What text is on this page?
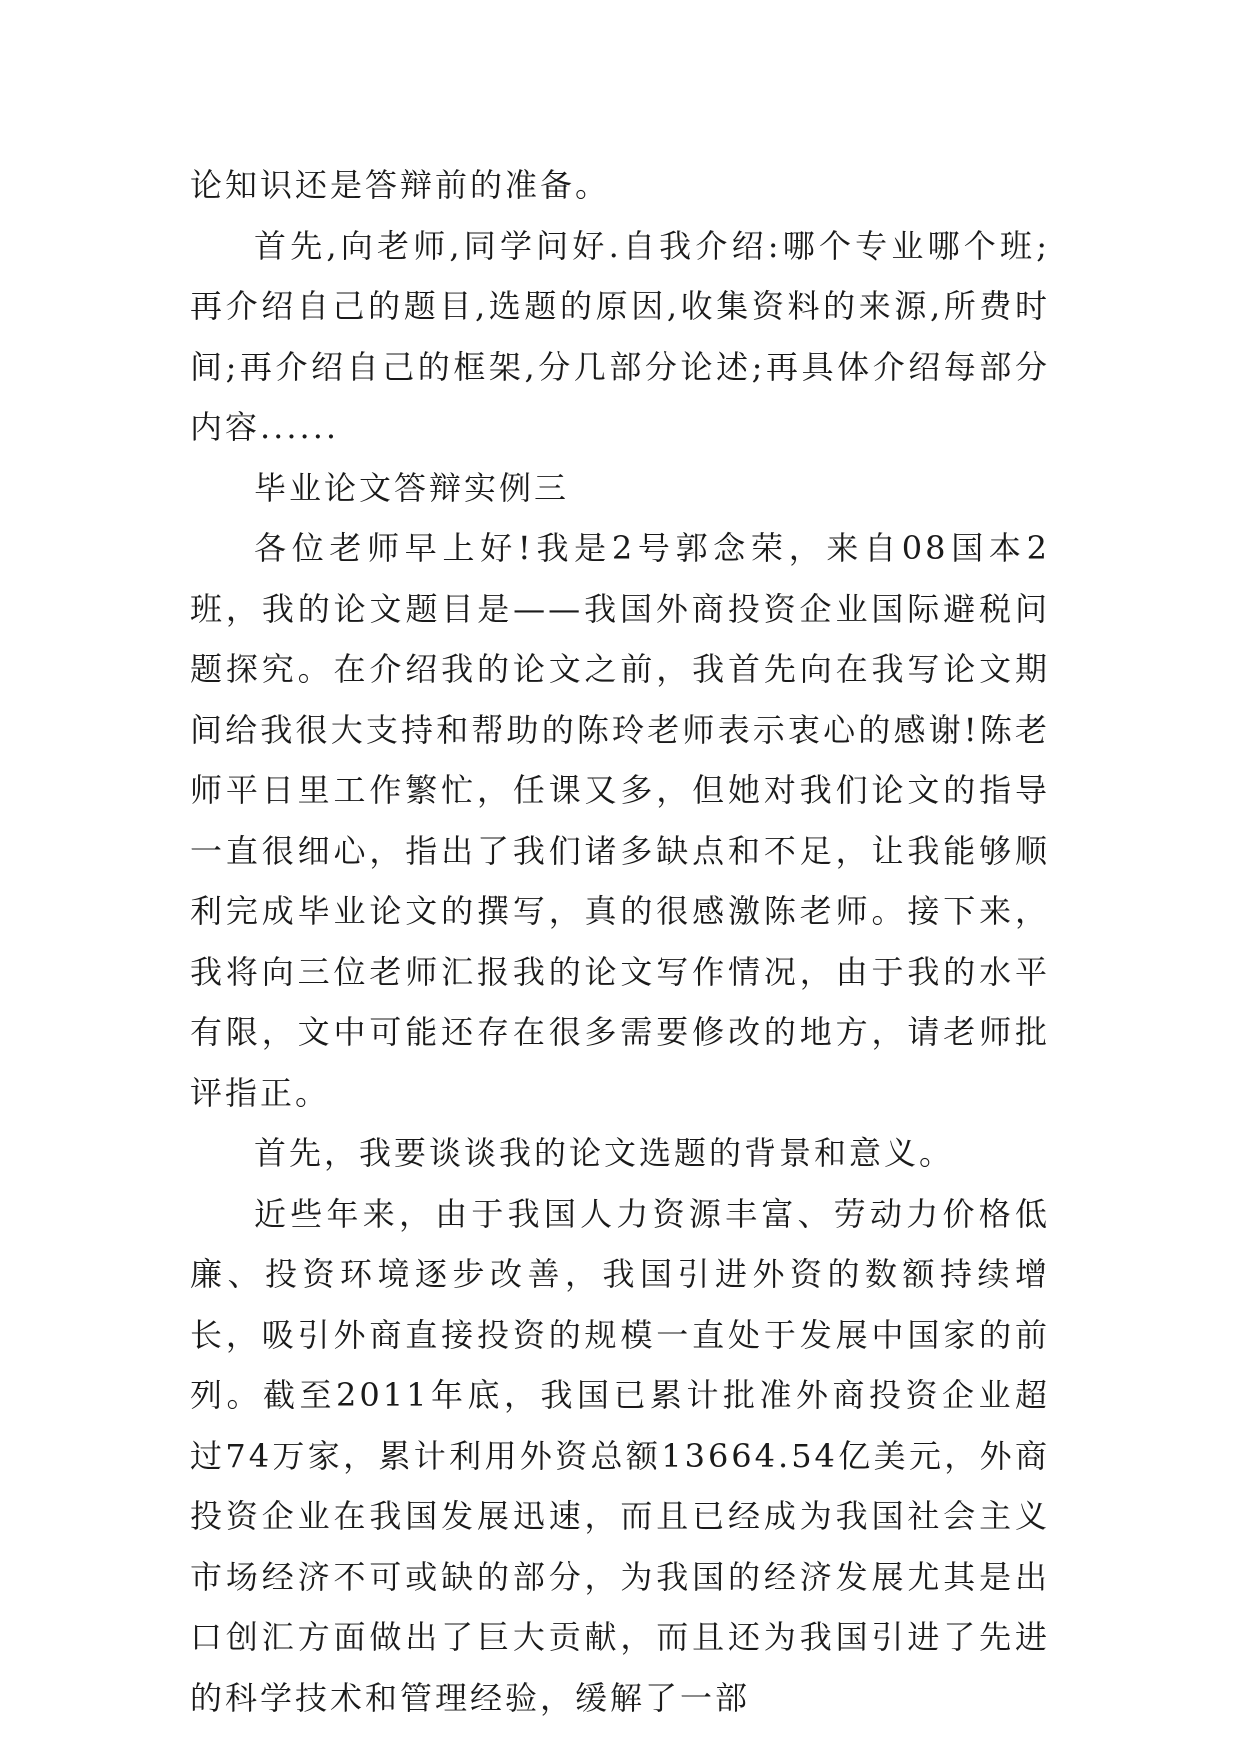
论知识还是答辩前的准备。

首先,向老师,同学问好.自我介绍:哪个专业哪个班;再介绍自己的题目,选题的原因,收集资料的来源,所费时间;再介绍自己的框架,分几部分论述;再具体介绍每部分内容......

毕业论文答辩实例三

各位老师早上好!我是2号郭念荣，来自08国本2班，我的论文题目是——我国外商投资企业国际避税问题探究。在介绍我的论文之前，我首先向在我写论文期间给我很大支持和帮助的陈玲老师表示衷心的感谢!陈老师平日里工作繁忙，任课又多，但她对我们论文的指导一直很细心，指出了我们诸多缺点和不足，让我能够顺利完成毕业论文的撰写，真的很感激陈老师。接下来，我将向三位老师汇报我的论文写作情况，由于我的水平有限，文中可能还存在很多需要修改的地方，请老师批评指正。

首先，我要谈谈我的论文选题的背景和意义。

近些年来，由于我国人力资源丰富、劳动力价格低廉、投资环境逐步改善，我国引进外资的数额持续增长，吸引外商直接投资的规模一直处于发展中国家的前列。截至2011年底，我国已累计批准外商投资企业超过74万家，累计利用外资总额13664.54亿美元，外商投资企业在我国发展迅速，而且已经成为我国社会主义市场经济不可或缺的部分，为我国的经济发展尤其是出口创汇方面做出了巨大贡献，而且还为我国引进了先进的科学技术和管理经验，缓解了一部
